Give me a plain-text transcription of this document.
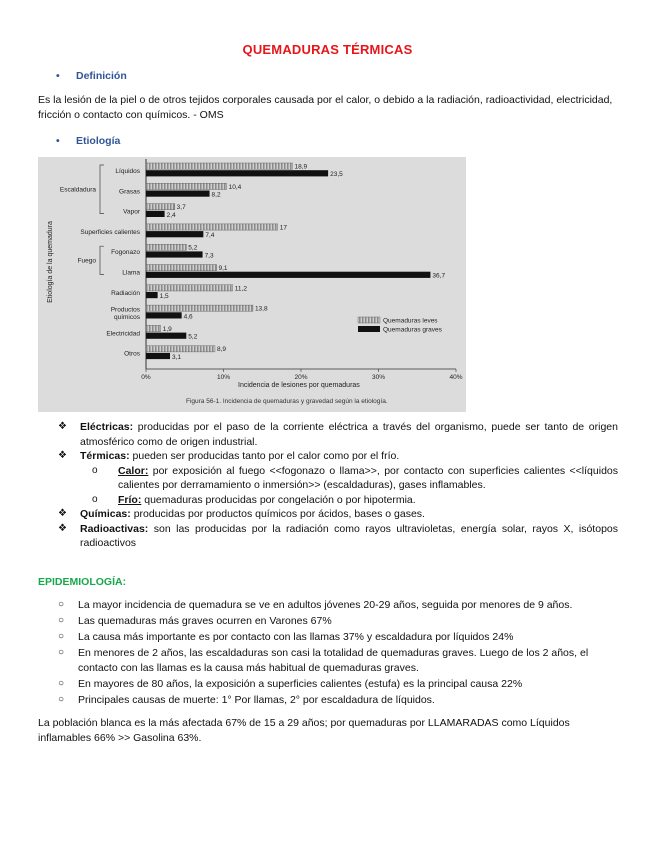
QUEMADURAS TÉRMICAS
• Definición
Es la lesión de la piel o de otros tejidos corporales causada por el calor, o debido a la radiación, radioactividad, electricidad, fricción o contacto con químicos. - OMS
• Etiología
18,9
23,5
Líquidos
10,4
8,2
Grasas
3,7
2,4
Vapor
17
7,4
Superficies calientes
5,2
7,3
Fogonazo
9,1
36,7
Llama
11,2
1,5
Radiación
13,8
4,6
Productos químicos
1,9
5,2
Electricidad
8,9
3,1
Otros
Escaldadura
Fuego
Etiología de la quemadura
0%	10%	20%	30%	40%
Incidencia de lesiones por quemaduras
Figura 56-1. Incidencia de quemaduras y gravedad según la etiología.
Quemaduras leves
Quemaduras graves
❖ Eléctricas: producidas por el paso de la corriente eléctrica a través del organismo, puede ser tanto de origen atmosférico como de origen industrial.
❖ Térmicas: pueden ser producidas tanto por el calor como por el frío.
o Calor: por exposición al fuego <<fogonazo o llama>>, por contacto con superficies calientes <<líquidos calientes por derramamiento o inmersión>> (escaldaduras), gases inflamables.
o Frío: quemaduras producidas por congelación o por hipotermia.
❖ Químicas: producidas por productos químicos por ácidos, bases o gases.
❖ Radioactivas: son las producidas por la radiación como rayos ultravioletas, energía solar, rayos X, isótopos radioactivos
EPIDEMIOLOGÍA:
○ La mayor incidencia de quemadura se ve en adultos jóvenes 20-29 años, seguida por menores de 9 años.
○ Las quemaduras más graves ocurren en Varones 67%
○ La causa más importante es por contacto con las llamas 37% y escaldadura por líquidos 24%
○ En menores de 2 años, las escaldaduras son casi la totalidad de quemaduras graves. Luego de los 2 años, el contacto con las llamas es la causa más habitual de quemaduras graves.
○ En mayores de 80 años, la exposición a superficies calientes (estufa) es la principal causa 22%
○ Principales causas de muerte: 1° Por llamas, 2° por escaldadura de líquidos.
La población blanca es la más afectada 67% de 15 a 29 años; por quemaduras por LLAMARADAS como Líquidos inflamables 66% >> Gasolina 63%.
